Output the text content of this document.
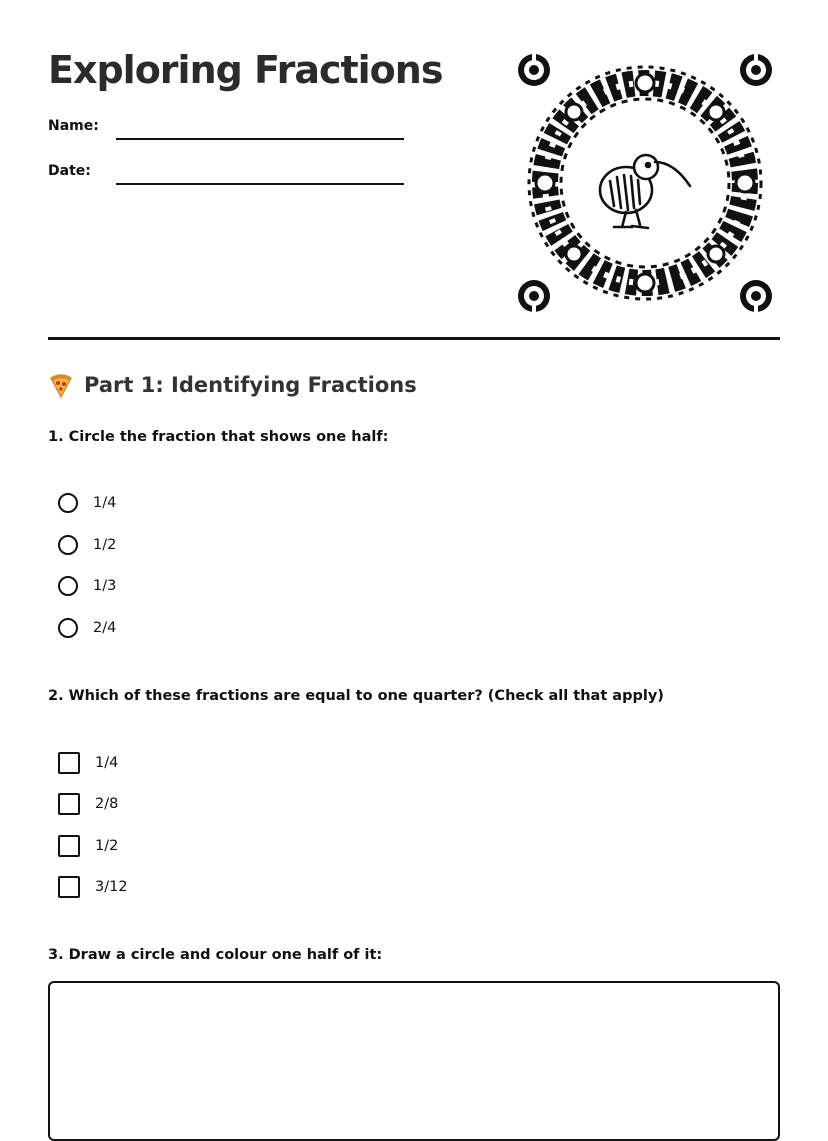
Exploring Fractions
Name:
Date:
Part 1: Identifying Fractions
1. Circle the fraction that shows one half:
1/4
1/2
1/3
2/4
2. Which of these fractions are equal to one quarter? (Check all that apply)
1/4
2/8
1/2
3/12
3. Draw a circle and colour one half of it:
